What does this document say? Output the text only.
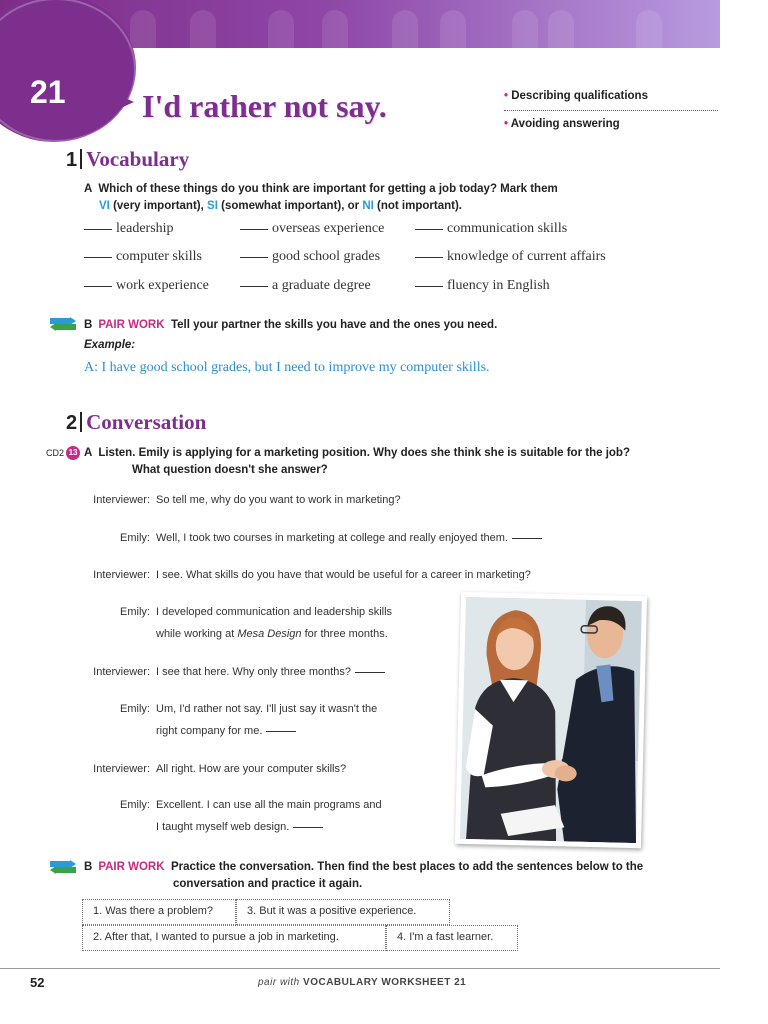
21 I'd rather not say.	• Describing qualifications
• Avoiding answering
1 Vocabulary
A Which of these things do you think are important for getting a job today? Mark them
VI (very important), SI (somewhat important), or NI (not important).
leadership	overseas experience	communication skills
computer skills	good school grades	knowledge of current affairs
work experience	a graduate degree	fluency in English
B PAIR WORK Tell your partner the skills you have and the ones you need.
Example:
A: I have good school grades, but I need to improve my computer skills.
2 Conversation
CD2 13 A Listen. Emily is applying for a marketing position. Why does she think she is suitable for the job?
What question doesn't she answer?
Interviewer: So tell me, why do you want to work in marketing?
Emily: Well, I took two courses in marketing at college and really enjoyed them.
Interviewer: I see. What skills do you have that would be useful for a career in marketing?
Emily: I developed communication and leadership skills
while working at Mesa Design for three months.
Interviewer: I see that here. Why only three months?
Emily: Um, I'd rather not say. I'll just say it wasn't the
right company for me.
Interviewer: All right. How are your computer skills?
Emily: Excellent. I can use all the main programs and
I taught myself web design.
B PAIR WORK Practice the conversation. Then find the best places to add the sentences below to the
conversation and practice it again.
1. Was there a problem?	3. But it was a positive experience.
2. After that, I wanted to pursue a job in marketing.	4. I'm a fast learner.
52	pair with VOCABULARY WORKSHEET 21
